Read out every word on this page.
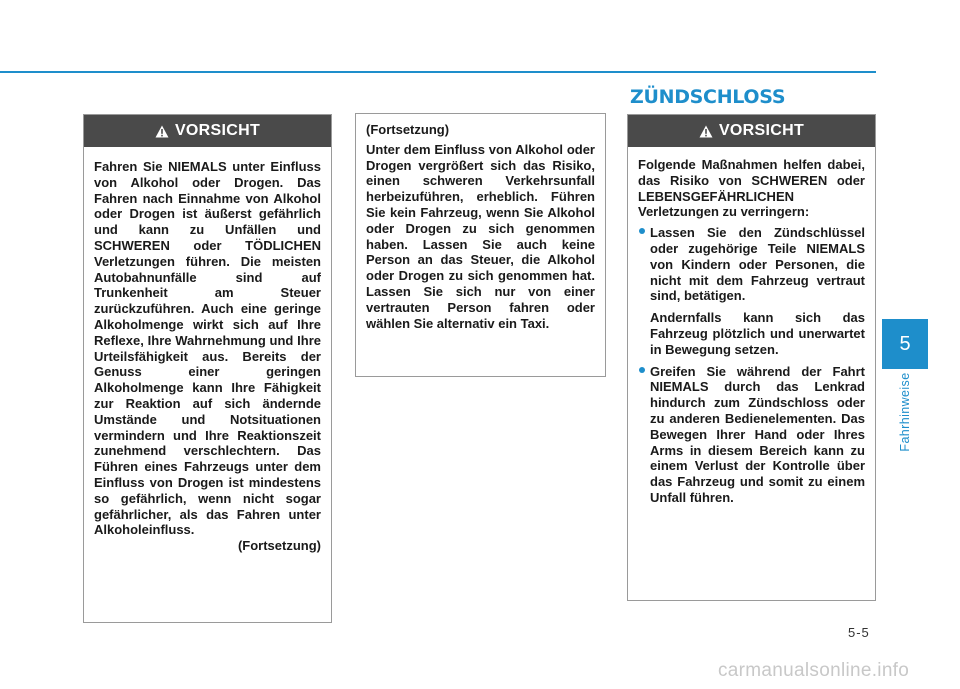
ZÜNDSCHLOSS
VORSICHT

Fahren Sie NIEMALS unter Einfluss von Alkohol oder Drogen. Das Fahren nach Einnahme von Alkohol oder Drogen ist äußerst gefährlich und kann zu Unfällen und SCHWEREN oder TÖDLICHEN Verletzungen führen. Die meisten Autobahnunfälle sind auf Trunkenheit am Steuer zurückzuführen. Auch eine geringe Alkoholmenge wirkt sich auf Ihre Reflexe, Ihre Wahrnehmung und Ihre Urteilsfähigkeit aus. Bereits der Genuss einer geringen Alkoholmenge kann Ihre Fähigkeit zur Reaktion auf sich ändernde Umstände und Notsituationen vermindern und Ihre Reaktionszeit zunehmend verschlechtern. Das Führen eines Fahrzeugs unter dem Einfluss von Drogen ist mindestens so gefährlich, wenn nicht sogar gefährlicher, als das Fahren unter Alkoholeinfluss.

(Fortsetzung)

(Fortsetzung)

Unter dem Einfluss von Alkohol oder Drogen vergrößert sich das Risiko, einen schweren Verkehrsunfall herbeizuführen, erheblich. Führen Sie kein Fahrzeug, wenn Sie Alkohol oder Drogen zu sich genommen haben. Lassen Sie auch keine Person an das Steuer, die Alkohol oder Drogen zu sich genommen hat. Lassen Sie sich nur von einer vertrauten Person fahren oder wählen Sie alternativ ein Taxi.

VORSICHT

Folgende Maßnahmen helfen dabei, das Risiko von SCHWEREN oder LEBENSGEFÄHRLICHEN Verletzungen zu verringern:

Lassen Sie den Zündschlüssel oder zugehörige Teile NIEMALS von Kindern oder Personen, die nicht mit dem Fahrzeug vertraut sind, betätigen.

Andernfalls kann sich das Fahrzeug plötzlich und unerwartet in Bewegung setzen.

Greifen Sie während der Fahrt NIEMALS durch das Lenkrad hindurch zum Zündschloss oder zu anderen Bedienelementen. Das Bewegen Ihrer Hand oder Ihres Arms in diesem Bereich kann zu einem Verlust der Kontrolle über das Fahrzeug und somit zu einem Unfall führen.

5
Fahrhinweise
5-5
carmanualsonline.info
